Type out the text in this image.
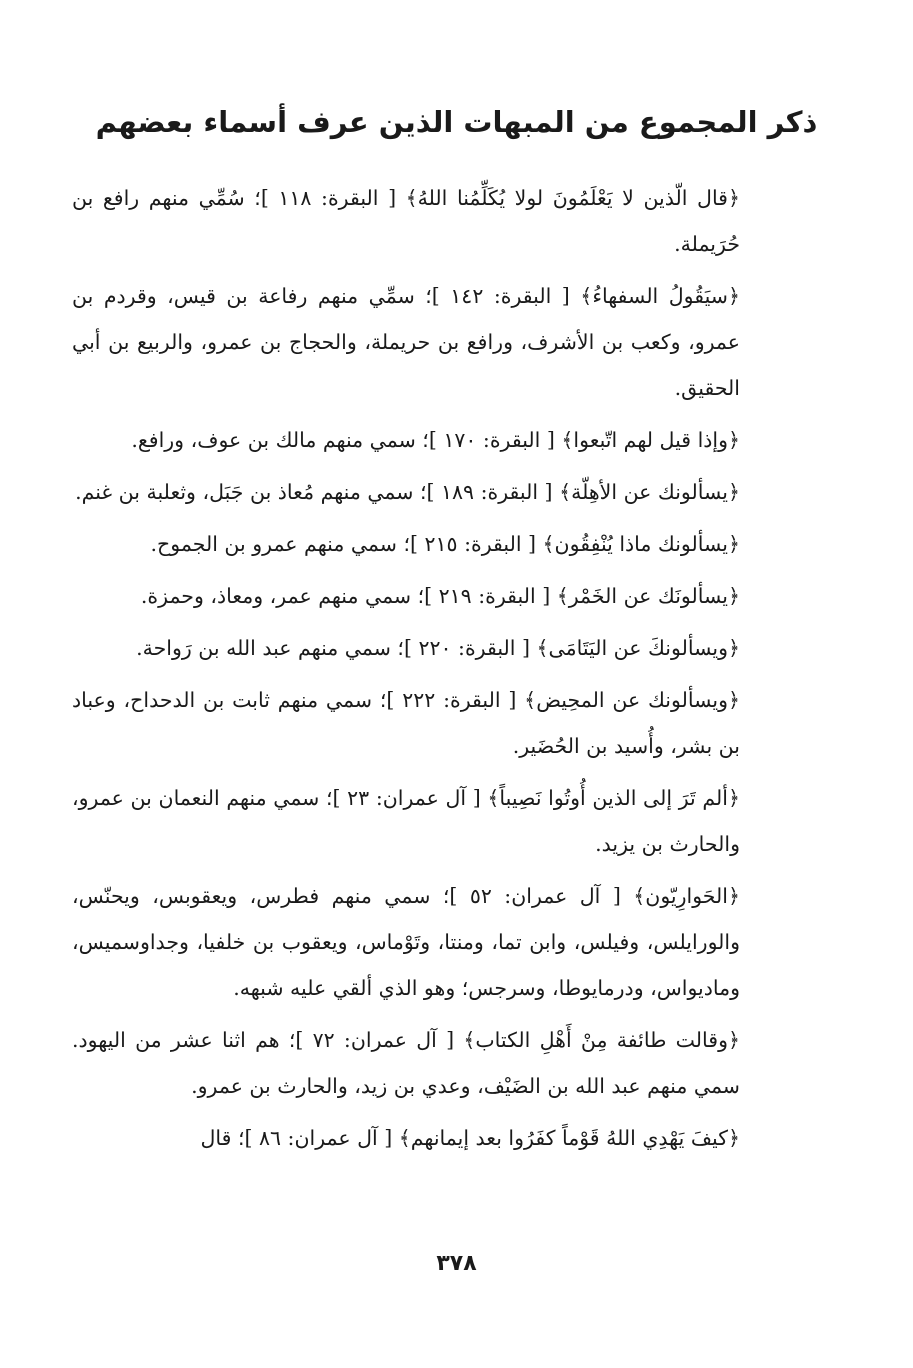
ذكر المجموع من المبهات الذين عرف أسماء بعضهم

﴿قال الّذين لا يَعْلَمُونَ لولا يُكَلِّمُنا اللهُ﴾ [ البقرة: ١١٨ ]؛ سُمِّي منهم رافع بن حُرَيملة.

﴿سيَقُولُ السفهاءُ﴾ [ البقرة: ١٤٢ ]؛ سمِّي منهم رفاعة بن قيس، وقردم بن عمرو، وكعب بن الأشرف، ورافع بن حريملة، والحجاج بن عمرو، والربيع بن أبي الحقيق.

﴿وإذا قيل لهم اتّبعوا﴾ [ البقرة: ١٧٠ ]؛ سمي منهم مالك بن عوف، ورافع.

﴿يسألونك عن الأهِلّة﴾ [ البقرة: ١٨٩ ]؛ سمي منهم مُعاذ بن جَبَل، وثعلبة بن غنم.

﴿يسألونك ماذا يُنْفِقُون﴾ [ البقرة: ٢١٥ ]؛ سمي منهم عمرو بن الجموح.

﴿يسألونَك عن الخَمْر﴾ [ البقرة: ٢١٩ ]؛ سمي منهم عمر، ومعاذ، وحمزة.

﴿ويسألونكَ عن اليَتَامَى﴾ [ البقرة: ٢٢٠ ]؛ سمي منهم عبد الله بن رَواحة.

﴿ويسألونك عن المحِيض﴾ [ البقرة: ٢٢٢ ]؛ سمي منهم ثابت بن الدحداح، وعباد بن بشر، وأُسيد بن الحُضَير.

﴿ألم تَرَ إلى الذين أُوتُوا نَصِيباً﴾ [ آل عمران: ٢٣ ]؛ سمي منهم النعمان بن عمرو، والحارث بن يزيد.

﴿الحَوارِيّون﴾ [ آل عمران: ٥٢ ]؛ سمي منهم فطرس، ويعقوبس، ويحنّس، والورايلس، وفيلس، وابن تما، ومنتا، وتَوْماس، ويعقوب بن خلفيا، وجداوسميس، وماديواس، ودرمايوطا، وسرجس؛ وهو الذي ألقي عليه شبهه.

﴿وقالت طائفة مِنْ أَهْلِ الكتاب﴾ [ آل عمران: ٧٢ ]؛ هم اثنا عشر من اليهود. سمي منهم عبد الله بن الضَيْف، وعدي بن زيد، والحارث بن عمرو.

﴿كيفَ يَهْدِي اللهُ قَوْماً كفَرُوا بعد إيمانهم﴾ [ آل عمران: ٨٦ ]؛ قال

٣٧٨
